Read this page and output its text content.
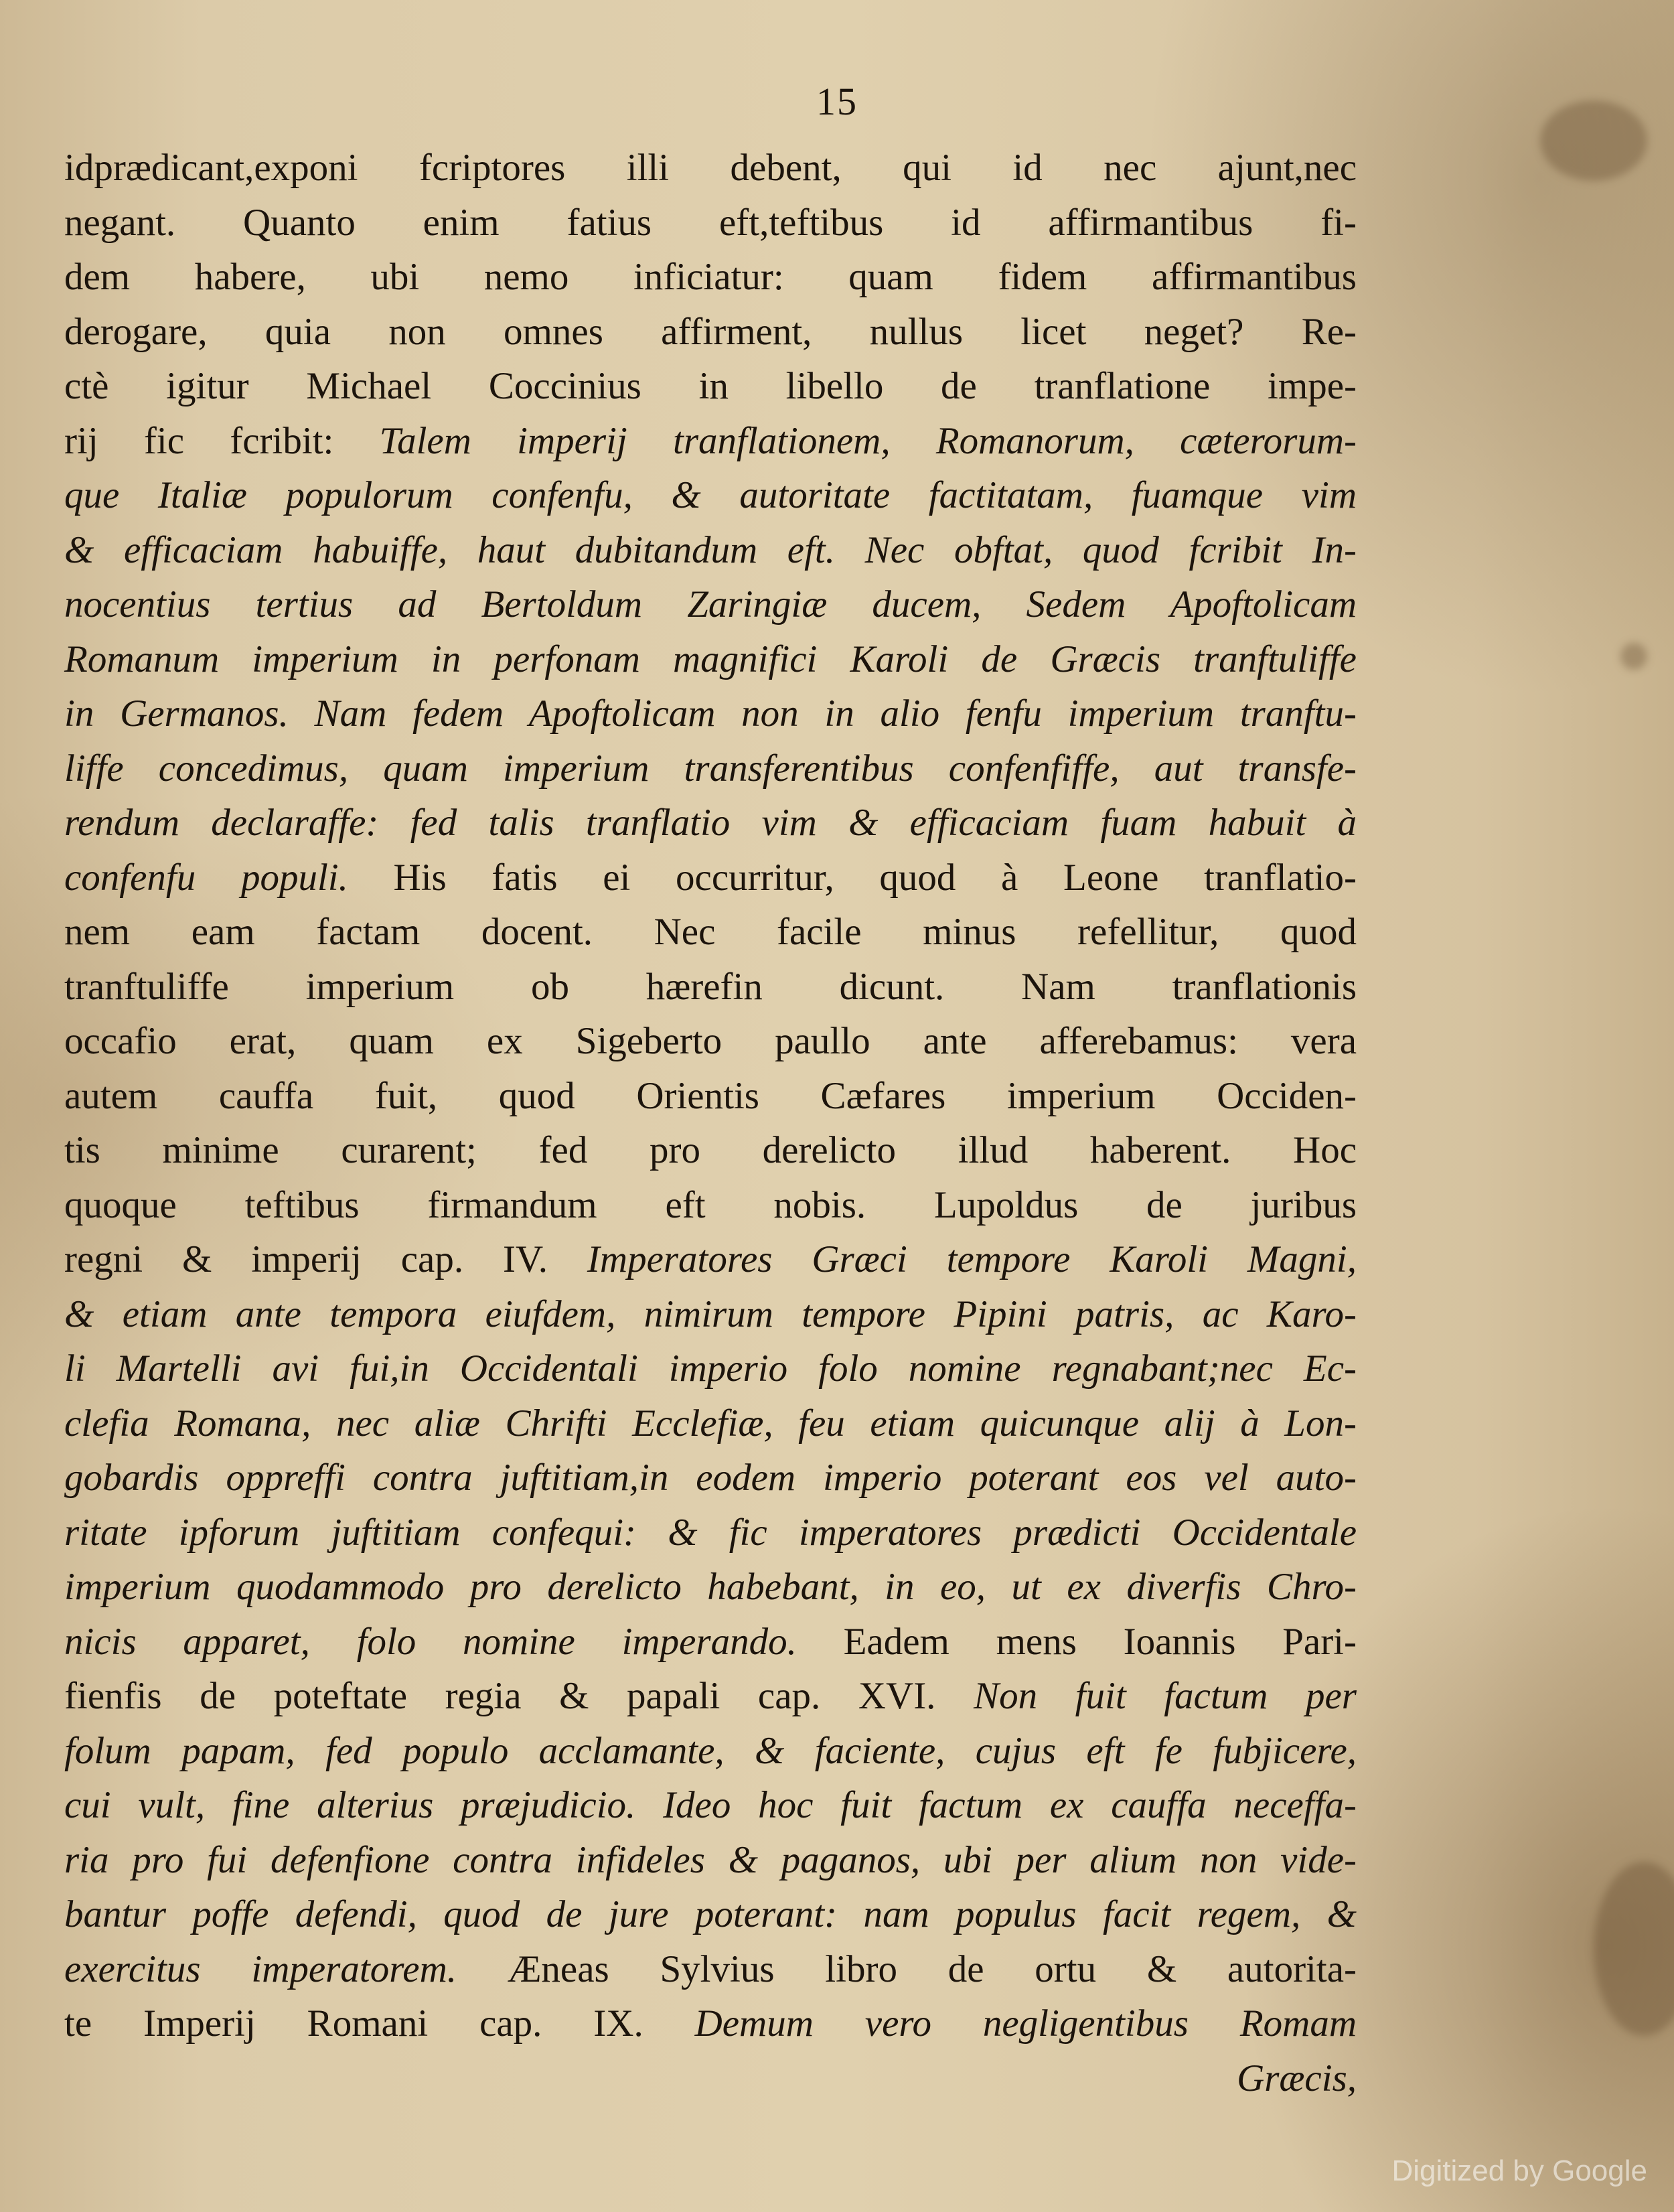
15
idprædicant,exponi fcriptores illi debent, qui id nec ajunt,nec
negant. Quanto enim fatius eft,teftibus id affirmantibus fi-
dem habere, ubi nemo inficiatur: quam fidem affirmantibus
derogare, quia non omnes affirment, nullus licet neget? Re-
ctè igitur Michael Coccinius in libello de tranflatione impe-
rij fic fcribit: Talem imperij tranflationem, Romanorum, cæterorum-
que Italiæ populorum confenfu, & autoritate factitatam, fuamque vim
& efficaciam habuiffe, haut dubitandum eft. Nec obftat, quod fcribit In-
nocentius tertius ad Bertoldum Zaringiæ ducem, Sedem Apoftolicam
Romanum imperium in perfonam magnifici Karoli de Græcis tranftuliffe
in Germanos. Nam fedem Apoftolicam non in alio fenfu imperium tranftu-
liffe concedimus, quam imperium transferentibus confenfiffe, aut transfe-
rendum declaraffe: fed talis tranflatio vim & efficaciam fuam habuit à
confenfu populi. His fatis ei occurritur, quod à Leone tranflatio-
nem eam factam docent. Nec facile minus refellitur, quod
tranftuliffe imperium ob hærefin dicunt. Nam tranflationis
occafio erat, quam ex Sigeberto paullo ante afferebamus: vera
autem cauffa fuit, quod Orientis Cæfares imperium Occiden-
tis minime curarent; fed pro derelicto illud haberent. Hoc
quoque teftibus firmandum eft nobis. Lupoldus de juribus
regni & imperij cap. IV. Imperatores Græci tempore Karoli Magni,
& etiam ante tempora eiufdem, nimirum tempore Pipini patris, ac Karo-
li Martelli avi fui,in Occidentali imperio folo nomine regnabant;nec Ec-
clefia Romana, nec aliæ Chrifti Ecclefiæ, feu etiam quicunque alij à Lon-
gobardis oppreffi contra juftitiam,in eodem imperio poterant eos vel auto-
ritate ipforum juftitiam confequi: & fic imperatores prædicti Occidentale
imperium quodammodo pro derelicto habebant, in eo, ut ex diverfis Chro-
nicis apparet, folo nomine imperando. Eadem mens Ioannis Pari-
fienfis de poteftate regia & papali cap. XVI. Non fuit factum per
folum papam, fed populo acclamante, & faciente, cujus eft fe fubjicere,
cui vult, fine alterius præjudicio. Ideo hoc fuit factum ex cauffa neceffa-
ria pro fui defenfione contra infideles & paganos, ubi per alium non vide-
bantur poffe defendi, quod de jure poterant: nam populus facit regem, &
exercitus imperatorem. Æneas Sylvius libro de ortu & autorita-
te Imperij Romani cap. IX. Demum vero negligentibus Romam
Græcis,
Digitized by Google
